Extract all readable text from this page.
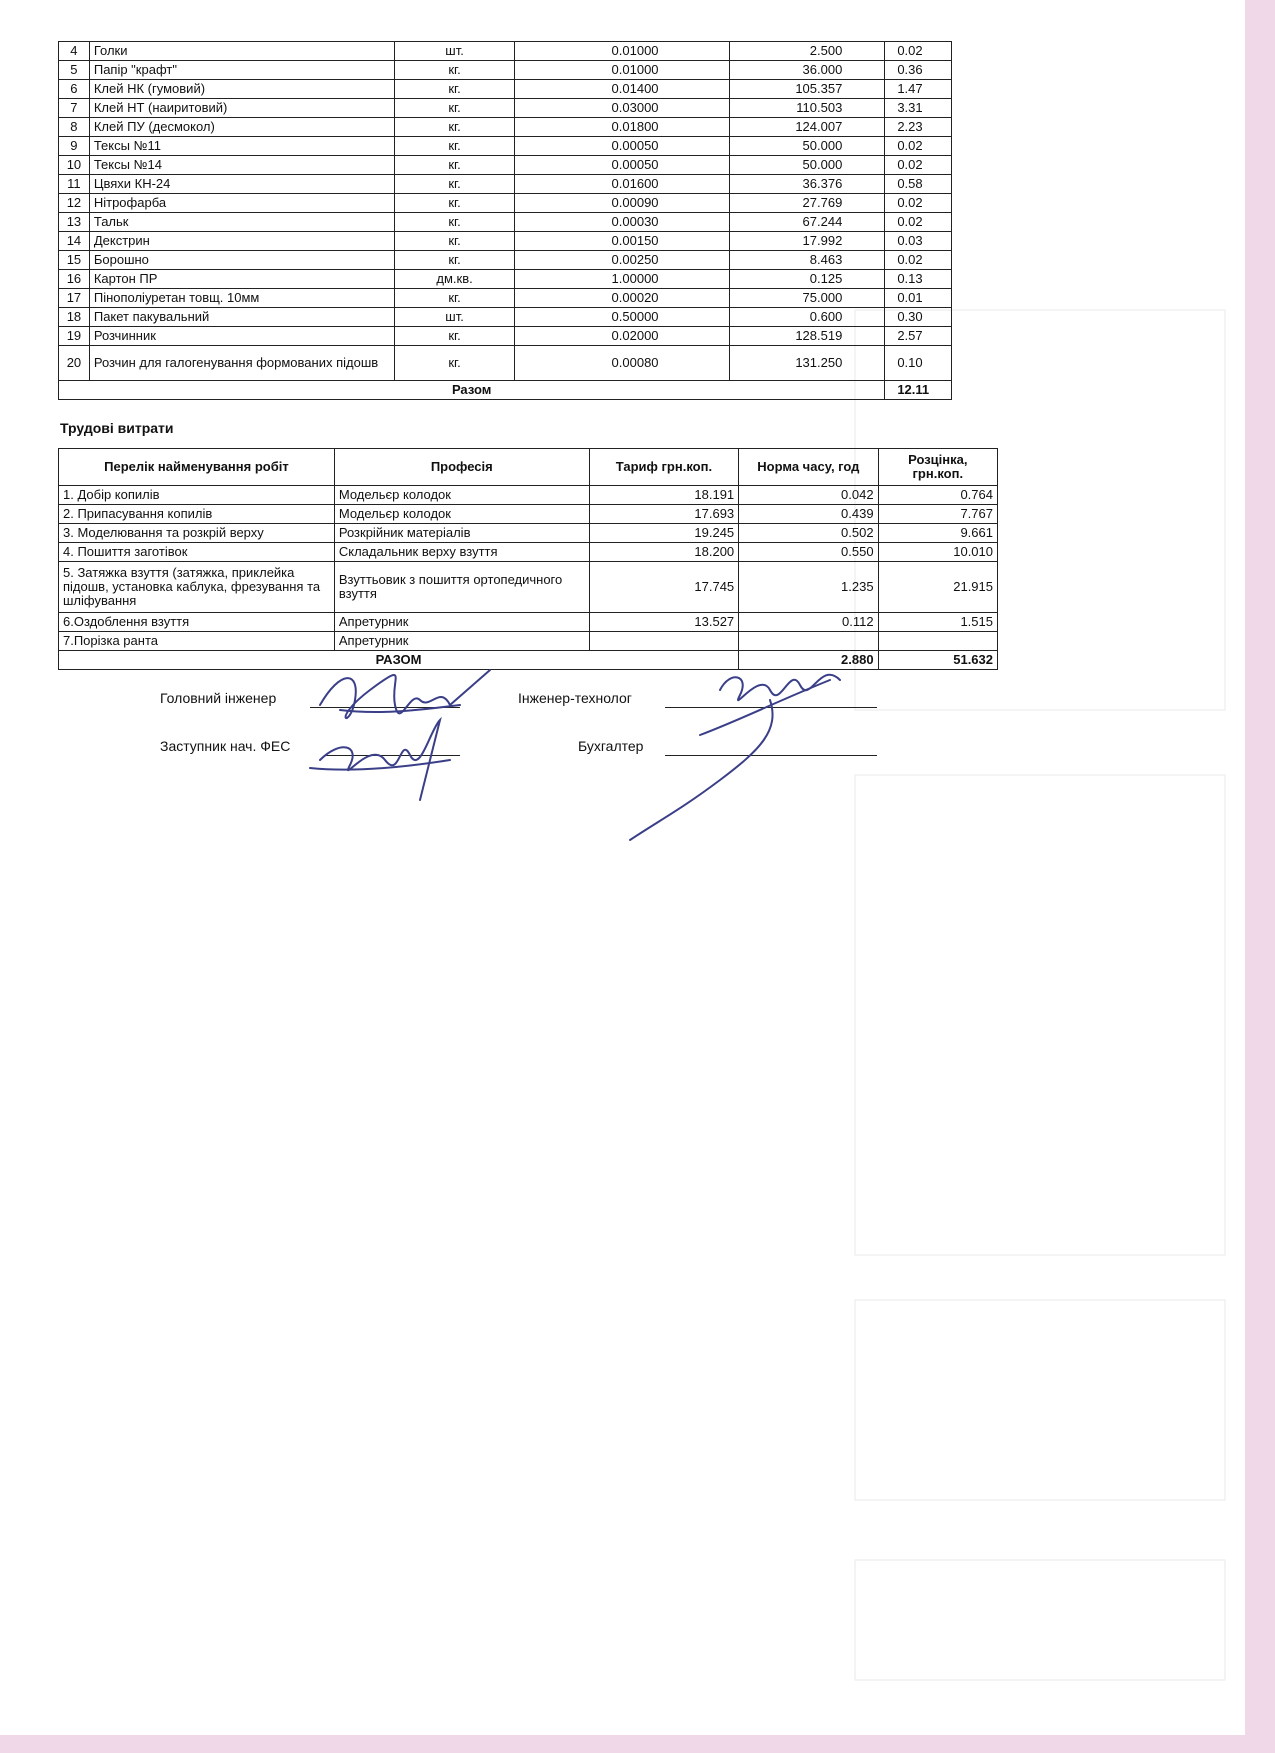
4	Голки	шт.	0.01000	2.500	0.02
5	Папір "крафт"	кг.	0.01000	36.000	0.36
6	Клей НК (гумовий)	кг.	0.01400	105.357	1.47
7	Клей НТ (наиритовий)	кг.	0.03000	110.503	3.31
8	Клей ПУ (десмокол)	кг.	0.01800	124.007	2.23
9	Тексы №11	кг.	0.00050	50.000	0.02
10	Тексы №14	кг.	0.00050	50.000	0.02
11	Цвяхи КН-24	кг.	0.01600	36.376	0.58
12	Нітрофарба	кг.	0.00090	27.769	0.02
13	Тальк	кг.	0.00030	67.244	0.02
14	Декстрин	кг.	0.00150	17.992	0.03
15	Борошно	кг.	0.00250	8.463	0.02
16	Картон ПР	дм.кв.	1.00000	0.125	0.13
17	Пінополіуретан товщ. 10мм	кг.	0.00020	75.000	0.01
18	Пакет пакувальний	шт.	0.50000	0.600	0.30
19	Розчинник	кг.	0.02000	128.519	2.57
20	Розчин для галогенування формованих підошв	кг.	0.00080	131.250	0.10
Разом					12.11
Трудові витрати
Перелік найменування робіт	Професія	Тариф грн.коп.	Норма часу, год	Розцінка, грн.коп.
1. Добір копилів	Модельєр колодок	18.191	0.042	0.764
2. Припасування копилів	Модельєр колодок	17.693	0.439	7.767
3. Моделювання та розкрій верху	Розкрійник матеріалів	19.245	0.502	9.661
4. Пошиття заготівок	Складальник верху взуття	18.200	0.550	10.010
5. Затяжка взуття (затяжка, приклейка підошв, установка каблука, фрезування та шліфування	Взуттьовик з пошиття ортопедичного взуття	17.745	1.235	21.915
6.Оздоблення взуття	Апретурник	13.527	0.112	1.515
7.Порізка ранта	Апретурник			
РАЗОМ			2.880	51.632
Головний інженер	Інженер-технолог
Заступник нач. ФЕС	Бухгалтер
